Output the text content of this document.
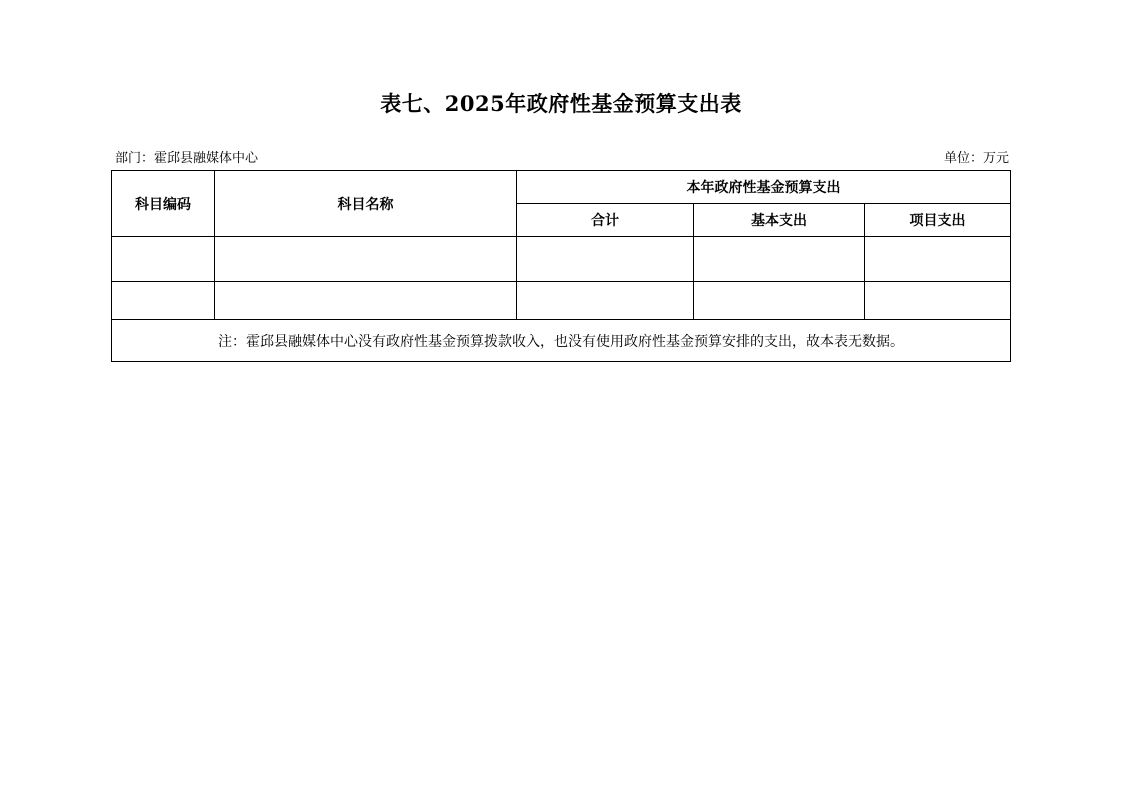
表七、2025年政府性基金预算支出表
部门：霍邱县融媒体中心	单位：万元
科目编码	科目名称	本年政府性基金预算支出		
		合计	基本支出	项目支出

注：霍邱县融媒体中心没有政府性基金预算拨款收入，也没有使用政府性基金预算安排的支出，故本表无数据。				
